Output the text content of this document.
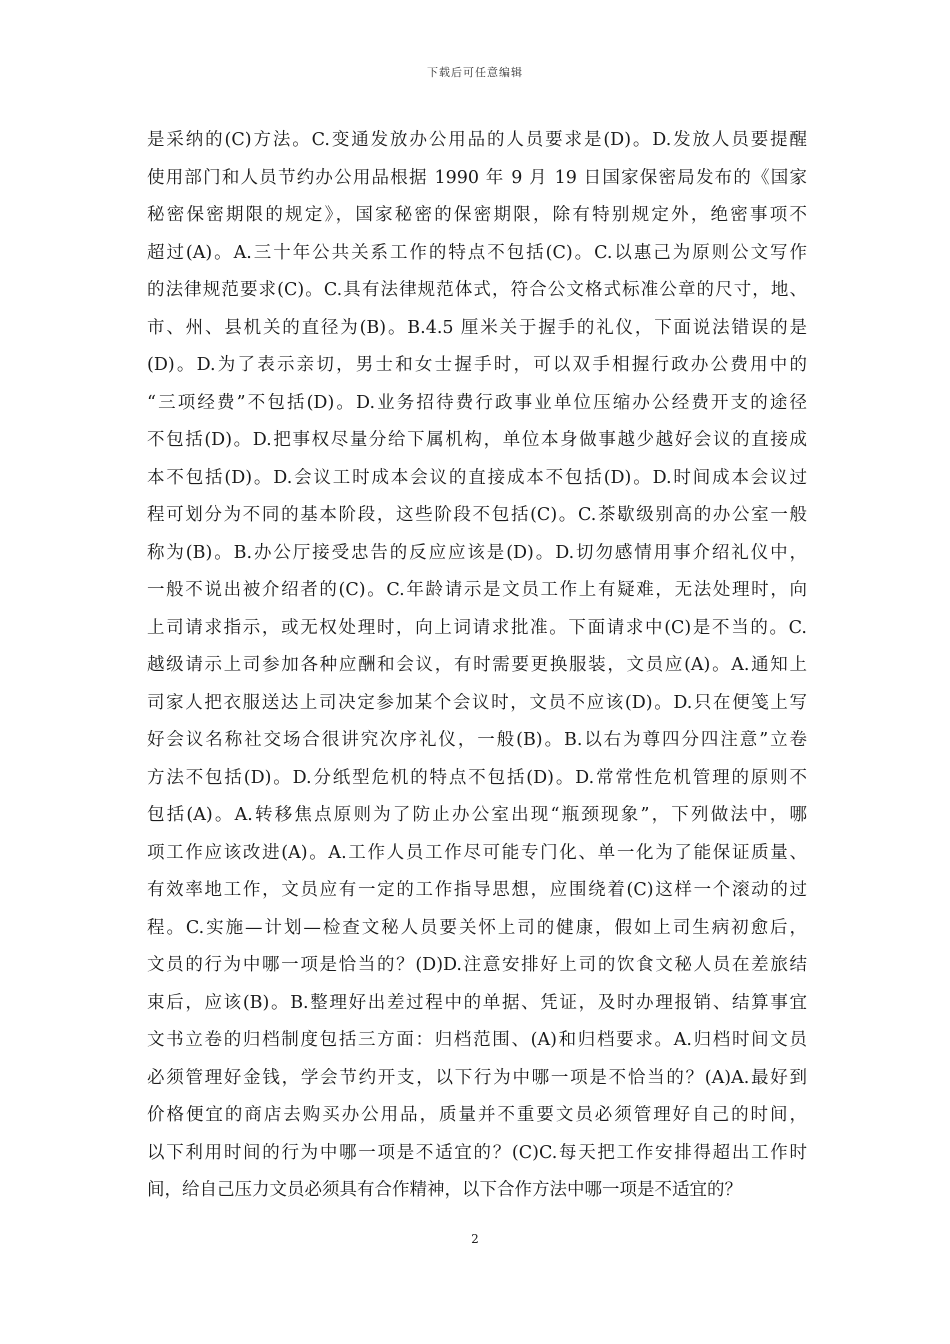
下载后可任意编辑
是采纳的(C)方法。C.变通发放办公用品的人员要求是(D)。D.发放人员要提醒
使用部门和人员节约办公用品根据 1990 年 9 月 19 日国家保密局发布的《国家
秘密保密期限的规定》，国家秘密的保密期限，除有特别规定外，绝密事项不
超过(A)。A.三十年公共关系工作的特点不包括(C)。C.以惠己为原则公文写作
的法律规范要求(C)。C.具有法律规范体式，符合公文格式标准公章的尺寸，地、
市、州、县机关的直径为(B)。B.4.5 厘米关于握手的礼仪，下面说法错误的是
(D)。D.为了表示亲切，男士和女士握手时，可以双手相握行政办公费用中的
“三项经费”不包括(D)。D.业务招待费行政事业单位压缩办公经费开支的途径
不包括(D)。D.把事权尽量分给下属机构，单位本身做事越少越好会议的直接成
本不包括(D)。D.会议工时成本会议的直接成本不包括(D)。D.时间成本会议过
程可划分为不同的基本阶段，这些阶段不包括(C)。C.茶歇级别高的办公室一般
称为(B)。B.办公厅接受忠告的反应应该是(D)。D.切勿感情用事介绍礼仪中，
一般不说出被介绍者的(C)。C.年龄请示是文员工作上有疑难，无法处理时，向
上司请求指示，或无权处理时，向上词请求批准。下面请求中(C)是不当的。C.
越级请示上司参加各种应酬和会议，有时需要更换服装，文员应(A)。A.通知上
司家人把衣服送达上司决定参加某个会议时，文员不应该(D)。D.只在便笺上写
好会议名称社交场合很讲究次序礼仪，一般(B)。B.以右为尊四分四注意”立卷
方法不包括(D)。D.分纸型危机的特点不包括(D)。D.常常性危机管理的原则不
包括(A)。A.转移焦点原则为了防止办公室出现“瓶颈现象”，下列做法中，哪
项工作应该改进(A)。A.工作人员工作尽可能专门化、单一化为了能保证质量、
有效率地工作，文员应有一定的工作指导思想，应围绕着(C)这样一个滚动的过
程。C.实施—计划—检查文秘人员要关怀上司的健康，假如上司生病初愈后，
文员的行为中哪一项是恰当的？(D)D.注意安排好上司的饮食文秘人员在差旅结
束后，应该(B)。B.整理好出差过程中的单据、凭证，及时办理报销、结算事宜
文书立卷的归档制度包括三方面：归档范围、(A)和归档要求。A.归档时间文员
必须管理好金钱，学会节约开支，以下行为中哪一项是不恰当的？(A)A.最好到
价格便宜的商店去购买办公用品，质量并不重要文员必须管理好自己的时间，
以下利用时间的行为中哪一项是不适宜的？(C)C.每天把工作安排得超出工作时
间，给自己压力文员必须具有合作精神，以下合作方法中哪一项是不适宜的？
2
